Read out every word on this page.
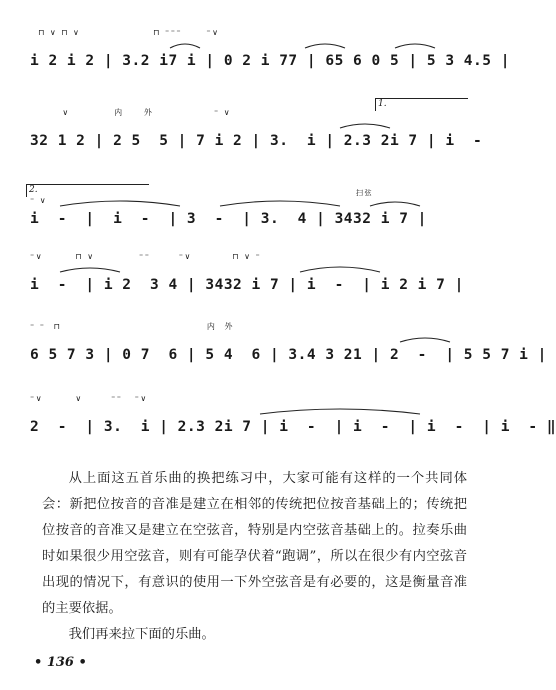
⊓ ∨ ⊓ ∨                  ⊓ ⁼⁼⁼      ⁼∨
i 2 i 2 | 3.2 i7 i | 0 2 i 77 | 65 6 0 5 | 5 3 4.5 |
1.
∨           内     外               ⁼ ∨
32 1 2 | 2 5  5 | 7 i 2 | 3.  i | 2.3 2i 7 | i  -
2.	扫弦
⁼ ∨
i  -  |  i  -  | 3  -  | 3.  4 | 3432 i 7 |
⁼∨        ⊓ ∨           ⁼⁼       ⁼∨          ⊓ ∨ ⁼
i  -  | i 2  3 4 | 3432 i 7 | i  -  | i 2 i 7 |
⁼ ⁼  ⊓                                    内  外
6 5 7 3 | 0 7  6 | 5 4  6 | 3.4 3 21 | 2  -  | 5 5 7 i |
⁼∨        ∨       ⁼⁼   ⁼∨
2  -  | 3.  i | 2.3 2i 7 | i  -  | i  -  | i  -  | i  - ‖

从上面这五首乐曲的换把练习中，大家可能有这样的一个共同体会：新把位按音的音准是建立在相邻的传统把位按音基础上的；传统把位按音的音准又是建立在空弦音，特别是内空弦音基础上的。拉奏乐曲时如果很少用空弦音，则有可能孕伏着“跑调”，所以在很少有内空弦音出现的情况下，有意识的使用一下外空弦音是有必要的，这是衡量音准的主要依据。

我们再来拉下面的乐曲。

• 136 •
